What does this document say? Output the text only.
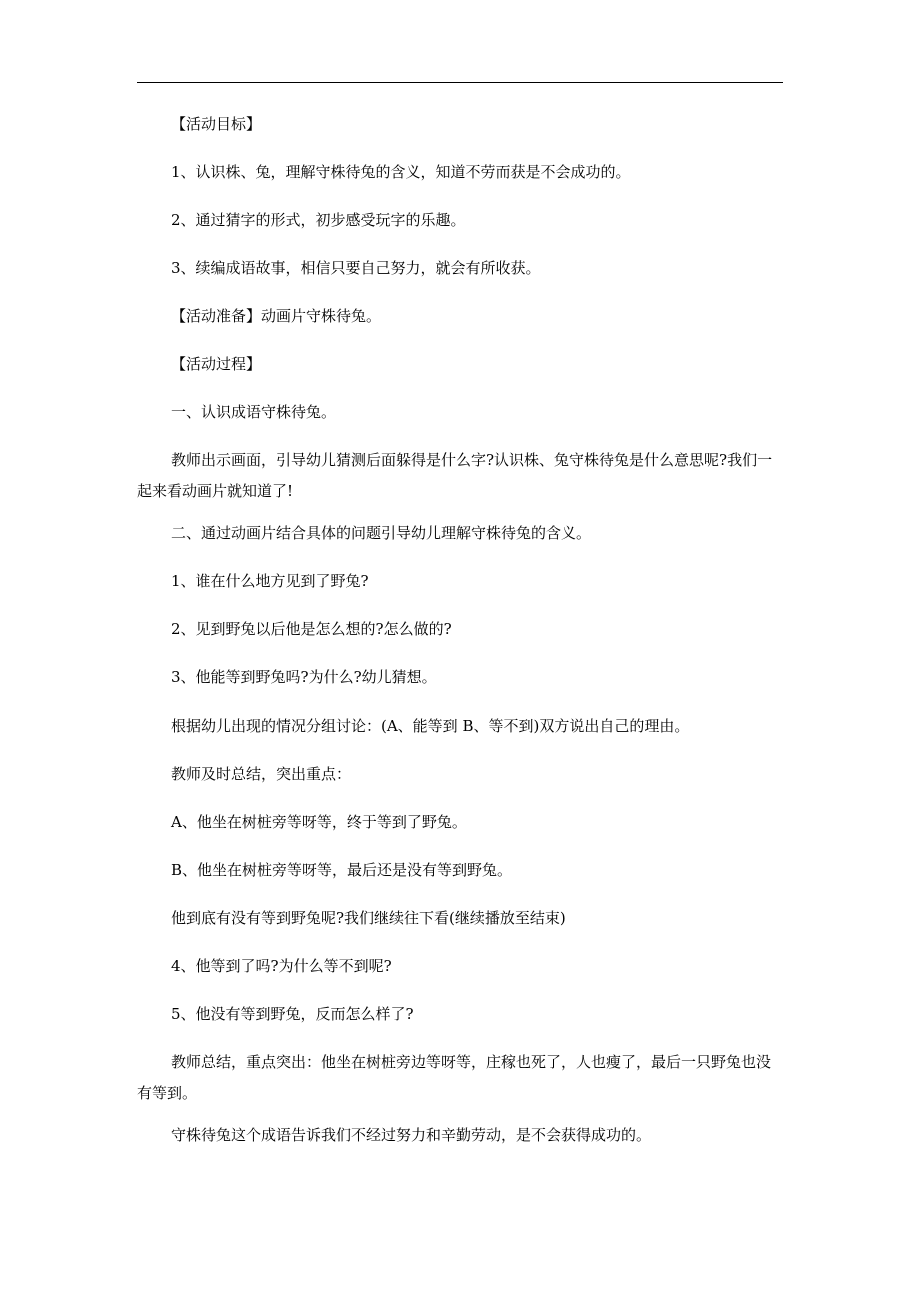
【活动目标】

1、认识株、兔，理解守株待兔的含义，知道不劳而获是不会成功的。

2、通过猜字的形式，初步感受玩字的乐趣。

3、续编成语故事，相信只要自己努力，就会有所收获。

【活动准备】动画片守株待兔。

【活动过程】

一、认识成语守株待兔。

教师出示画面，引导幼儿猜测后面躲得是什么字?认识株、兔守株待兔是什么意思呢?我们一起来看动画片就知道了!

二、通过动画片结合具体的问题引导幼儿理解守株待兔的含义。

1、谁在什么地方见到了野兔?

2、见到野兔以后他是怎么想的?怎么做的?

3、他能等到野兔吗?为什么?幼儿猜想。

根据幼儿出现的情况分组讨论：(A、能等到 B、等不到)双方说出自己的理由。

教师及时总结，突出重点：

A、他坐在树桩旁等呀等，终于等到了野兔。

B、他坐在树桩旁等呀等，最后还是没有等到野兔。

他到底有没有等到野兔呢?我们继续往下看(继续播放至结束)

4、他等到了吗?为什么等不到呢?

5、他没有等到野兔，反而怎么样了?

教师总结，重点突出：他坐在树桩旁边等呀等，庄稼也死了，人也瘦了，最后一只野兔也没有等到。

守株待兔这个成语告诉我们不经过努力和辛勤劳动，是不会获得成功的。
